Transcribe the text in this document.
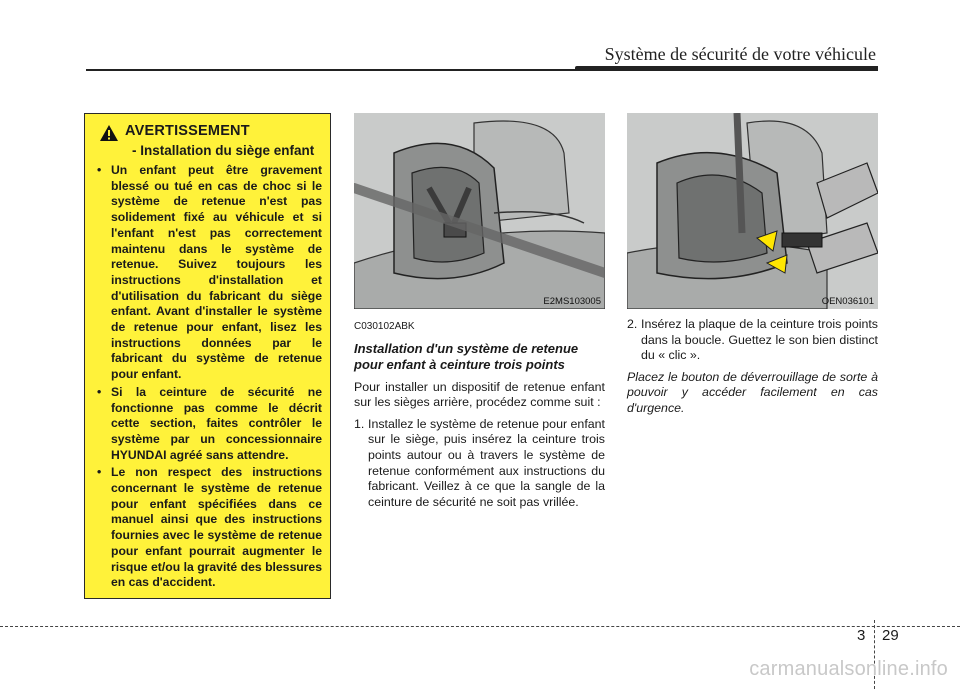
Système de sécurité de votre véhicule
AVERTISSEMENT
- Installation du siège enfant
• Un enfant peut être gravement blessé ou tué en cas de choc si le système de retenue n'est pas solidement fixé au véhicule et si l'enfant n'est pas correctement maintenu dans le système de retenue. Suivez toujours les instructions d'installation et d'utilisation du fabricant du siège enfant. Avant d'installer le système de retenue pour enfant, lisez les instructions données par le fabricant du système de retenue pour enfant.
• Si la ceinture de sécurité ne fonctionne pas comme le décrit cette section, faites contrôler le système par un concessionnaire HYUNDAI agréé sans attendre.
• Le non respect des instructions concernant le système de retenue pour enfant spécifiées dans ce manuel ainsi que des instructions fournies avec le système de retenue pour enfant pourrait augmenter le risque et/ou la gravité des blessures en cas d'accident.
E2MS103005	OEN036101
C030102ABK
Installation d'un système de retenue pour enfant à ceinture trois points
Pour installer un dispositif de retenue enfant sur les sièges arrière, procédez comme suit :
1. Installez le système de retenue pour enfant sur le siège, puis insérez la ceinture trois points autour ou à travers le système de retenue conformément aux instructions du fabricant. Veillez à ce que la sangle de la ceinture de sécurité ne soit pas vrillée.
2. Insérez la plaque de la ceinture trois points dans la boucle. Guettez le son bien distinct du « clic ».
Placez le bouton de déverrouillage de sorte à pouvoir y accéder facilement en cas d'urgence.
3 29
carmanualsonline.info
